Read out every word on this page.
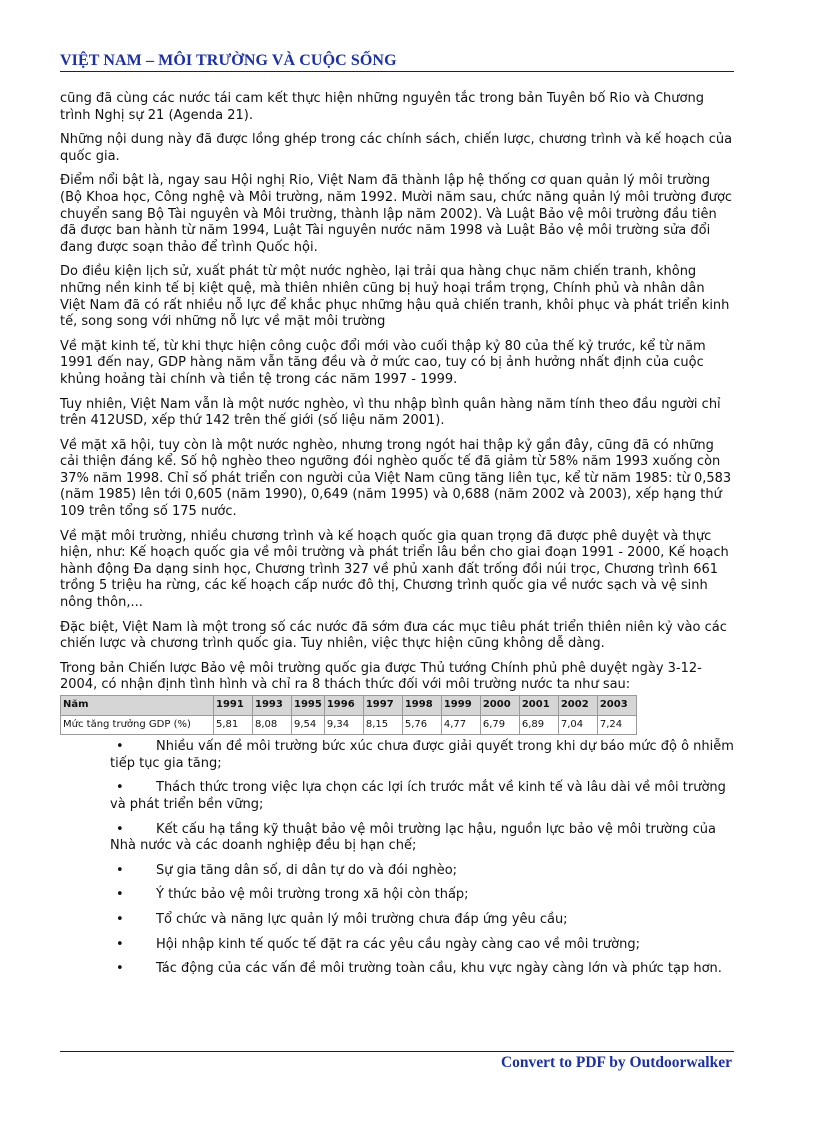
VIỆT NAM – MÔI TRƯỜNG VÀ CUỘC SỐNG

cũng đã cùng các nước tái cam kết thực hiện những nguyên tắc trong bản Tuyên bố Rio và Chương trình Nghị sự 21 (Agenda 21).

Những nội dung này đã được lồng ghép trong các chính sách, chiến lược, chương trình và kế hoạch của quốc gia.

Điểm nổi bật là, ngay sau Hội nghị Rio, Việt Nam đã thành lập hệ thống cơ quan quản lý môi trường (Bộ Khoa học, Công nghệ và Môi trường, năm 1992. Mười năm sau, chức năng quản lý môi trường được chuyển sang Bộ Tài nguyên và Môi trường, thành lập năm 2002). Và Luật Bảo vệ môi trường đầu tiên đã được ban hành từ năm 1994, Luật Tài nguyên nước năm 1998 và Luật Bảo vệ môi trường sửa đổi đang được soạn thảo để trình Quốc hội.

Do điều kiện lịch sử, xuất phát từ một nước nghèo, lại trải qua hàng chục năm chiến tranh, không những nền kinh tế bị kiệt quệ, mà thiên nhiên cũng bị huỷ hoại trầm trọng, Chính phủ và nhân dân Việt Nam đã có rất nhiều nỗ lực để khắc phục những hậu quả chiến tranh, khôi phục và phát triển kinh tế, song song với những nỗ lực về mặt môi trường

Về mặt kinh tế, từ khi thực hiện công cuộc đổi mới vào cuối thập kỷ 80 của thế kỷ trước, kể từ năm 1991 đến nay, GDP hàng năm vẫn tăng đều và ở mức cao, tuy có bị ảnh hưởng nhất định của cuộc khủng hoảng tài chính và tiền tệ trong các năm 1997 - 1999.

Tuy nhiên, Việt Nam vẫn là một nước nghèo, vì thu nhập bình quân hàng năm tính theo đầu người chỉ trên 412USD, xếp thứ 142 trên thế giới (số liệu năm 2001).

Về mặt xã hội, tuy còn là một nước nghèo, nhưng trong ngót hai thập kỷ gần đây, cũng đã có những cải thiện đáng kể. Số hộ nghèo theo ngưỡng đói nghèo quốc tế đã giảm từ 58% năm 1993 xuống còn 37% năm 1998. Chỉ số phát triển con người của Việt Nam cũng tăng liên tục, kể từ năm 1985: từ 0,583 (năm 1985) lên tới 0,605 (năm 1990), 0,649 (năm 1995) và 0,688 (năm 2002 và 2003), xếp hạng thứ 109 trên tổng số 175 nước.

Về mặt môi trường, nhiều chương trình và kế hoạch quốc gia quan trọng đã được phê duyệt và thực hiện, như: Kế hoạch quốc gia về môi trường và phát triển lâu bền cho giai đoạn 1991 - 2000, Kế hoạch hành động Đa dạng sinh học, Chương trình 327 về phủ xanh đất trống đồi núi trọc, Chương trình 661 trồng 5 triệu ha rừng, các kế hoạch cấp nước đô thị, Chương trình quốc gia về nước sạch và vệ sinh nông thôn,...

Đặc biệt, Việt Nam là một trong số các nước đã sớm đưa các mục tiêu phát triển thiên niên kỷ vào các chiến lược và chương trình quốc gia. Tuy nhiên, việc thực hiện cũng không dễ dàng.

Trong bản Chiến lược Bảo vệ môi trường quốc gia được Thủ tướng Chính phủ phê duyệt ngày 3-12-2004, có nhận định tình hình và chỉ ra 8 thách thức đối với môi trường nước ta như sau:

Năm	1991	1993	1995	1996	1997	1998	1999	2000	2001	2002	2003
Mức tăng trưởng GDP (%)	5,81	8,08	9,54	9,34	8,15	5,76	4,77	6,79	6,89	7,04	7,24
• Nhiều vấn đề môi trường bức xúc chưa được giải quyết trong khi dự báo mức độ ô nhiễm tiếp tục gia tăng;
• Thách thức trong việc lựa chọn các lợi ích trước mắt về kinh tế và lâu dài về môi trường và phát triển bền vững;
• Kết cấu hạ tầng kỹ thuật bảo vệ môi trường lạc hậu, nguồn lực bảo vệ môi trường của Nhà nước và các doanh nghiệp đều bị hạn chế;
• Sự gia tăng dân số, di dân tự do và đói nghèo;
• Ý thức bảo vệ môi trường trong xã hội còn thấp;
• Tổ chức và năng lực quản lý môi trường chưa đáp ứng yêu cầu;
• Hội nhập kinh tế quốc tế đặt ra các yêu cầu ngày càng cao về môi trường;
• Tác động của các vấn đề môi trường toàn cầu, khu vực ngày càng lớn và phức tạp hơn.
Convert to PDF by Outdoorwalker
